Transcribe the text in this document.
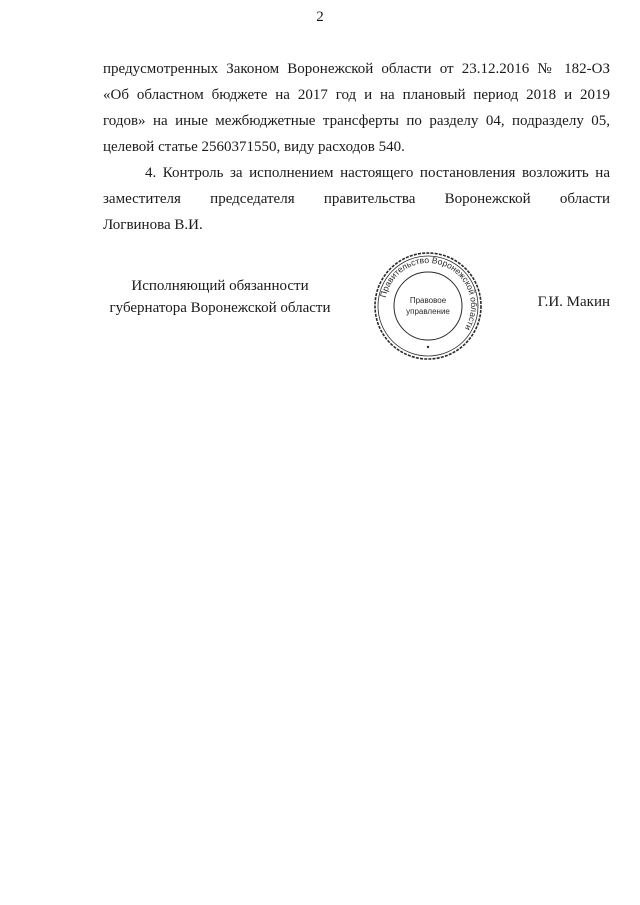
2
предусмотренных Законом Воронежской области от 23.12.2016 № 182-ОЗ
«Об областном бюджете на 2017 год и на плановый период 2018 и 2019
годов» на иные межбюджетные трансферты по разделу 04, подразделу 05,
целевой статье 2560371550, виду расходов 540.
4. Контроль за исполнением настоящего постановления возложить на
заместителя председателя правительства Воронежской области
Логвинова В.И.
Исполняющий обязанности
губернатора Воронежской области
Правительство Воронежской области
Правовое
управление
Г.И. Макин
